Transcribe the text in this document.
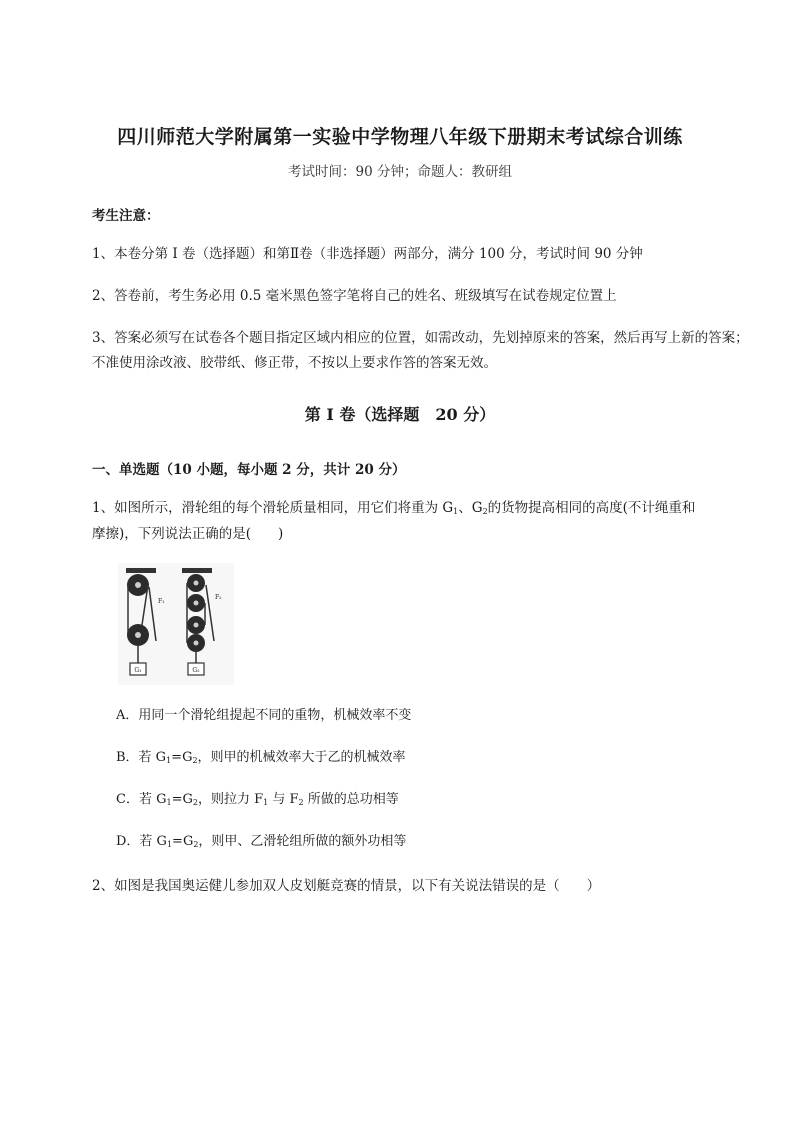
四川师范大学附属第一实验中学物理八年级下册期末考试综合训练
考试时间：90 分钟；命题人：教研组
考生注意：
1、本卷分第 I 卷（选择题）和第Ⅱ卷（非选择题）两部分，满分 100 分，考试时间 90 分钟
2、答卷前，考生务必用 0.5 毫米黑色签字笔将自己的姓名、班级填写在试卷规定位置上
3、答案必须写在试卷各个题目指定区域内相应的位置，如需改动，先划掉原来的答案，然后再写上新的答案；不准使用涂改液、胶带纸、修正带，不按以上要求作答的答案无效。
第 I 卷（选择题　20 分）
一、单选题（10 小题，每小题 2 分，共计 20 分）
1、如图所示，滑轮组的每个滑轮质量相同，用它们将重为 $G_1$、$G_2$的货物提高相同的高度(不计绳重和
摩擦)，下列说法正确的是(　　)
G₁
F₁
G₂
F₂
A．用同一个滑轮组提起不同的重物，机械效率不变
B．若 $G_1=G_2$，则甲的机械效率大于乙的机械效率
C．若 $G_1=G_2$，则拉力 $F_1$ 与 $F_2$ 所做的总功相等
D．若 $G_1=G_2$，则甲、乙滑轮组所做的额外功相等
2、如图是我国奥运健儿参加双人皮划艇竞赛的情景，以下有关说法错误的是（　　）
